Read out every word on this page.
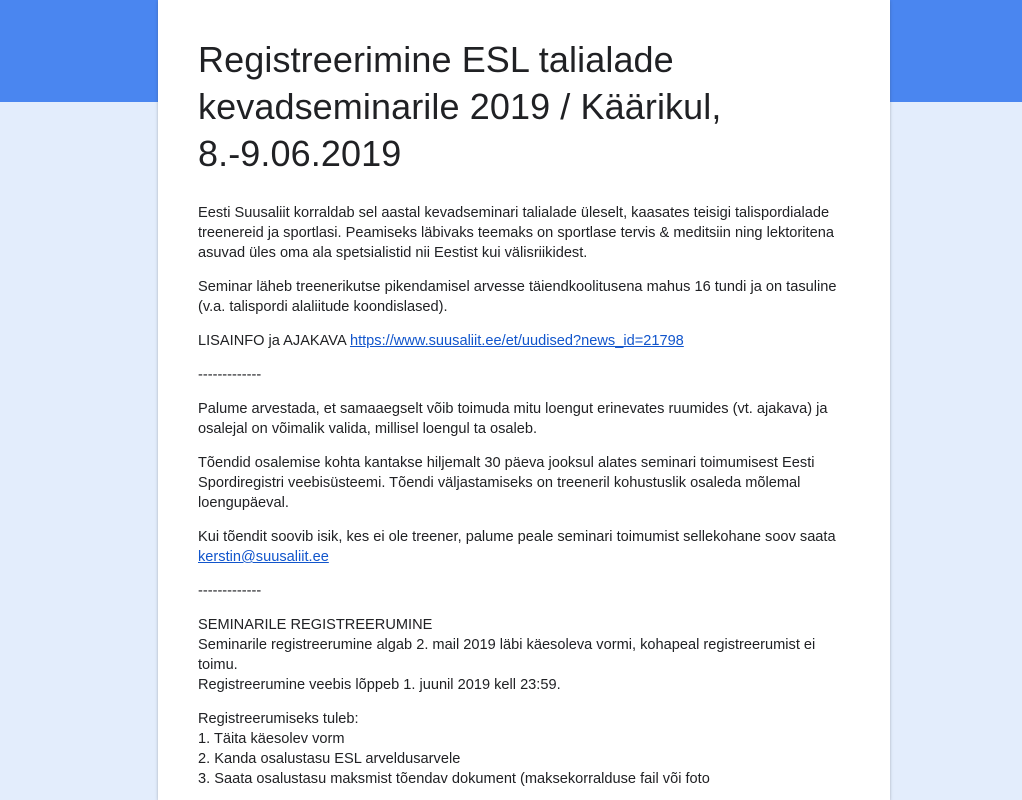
Registreerimine ESL talialade kevadseminarile 2019 / Käärikul, 8.-9.06.2019

Eesti Suusaliit korraldab sel aastal kevadseminari talialade üleselt, kaasates teisigi talispordialade treenereid ja sportlasi. Peamiseks läbivaks teemaks on sportlase tervis & meditsiin ning lektoritena asuvad üles oma ala spetsialistid nii Eestist kui välisriikidest.

Seminar läheb treenerikutse pikendamisel arvesse täiendkoolitusena mahus 16 tundi ja on tasuline (v.a. talispordi alaliitude koondislased).

LISAINFO ja AJAKAVA https://www.suusaliit.ee/et/uudised?news_id=21798

-------------

Palume arvestada, et samaaegselt võib toimuda mitu loengut erinevates ruumides (vt. ajakava) ja osalejal on võimalik valida, millisel loengul ta osaleb.

Tõendid osalemise kohta kantakse hiljemalt 30 päeva jooksul alates seminari toimumisest Eesti Spordiregistri veebisüsteemi. Tõendi väljastamiseks on treeneril kohustuslik osaleda mõlemal loengupäeval.

Kui tõendit soovib isik, kes ei ole treener, palume peale seminari toimumist sellekohane soov saata kerstin@suusaliit.ee

-------------

SEMINARILE REGISTREERUMINE
Seminarile registreerumine algab 2. mail 2019 läbi käesoleva vormi, kohapeal registreerumist ei toimu.
Registreerumine veebis lõppeb 1. juunil 2019 kell 23:59.

Registreerumiseks tuleb:
1. Täita käesolev vorm
2. Kanda osalustasu ESL arveldusarvele
3. Saata osalustasu maksmist tõendav dokument (maksekorralduse fail või foto
